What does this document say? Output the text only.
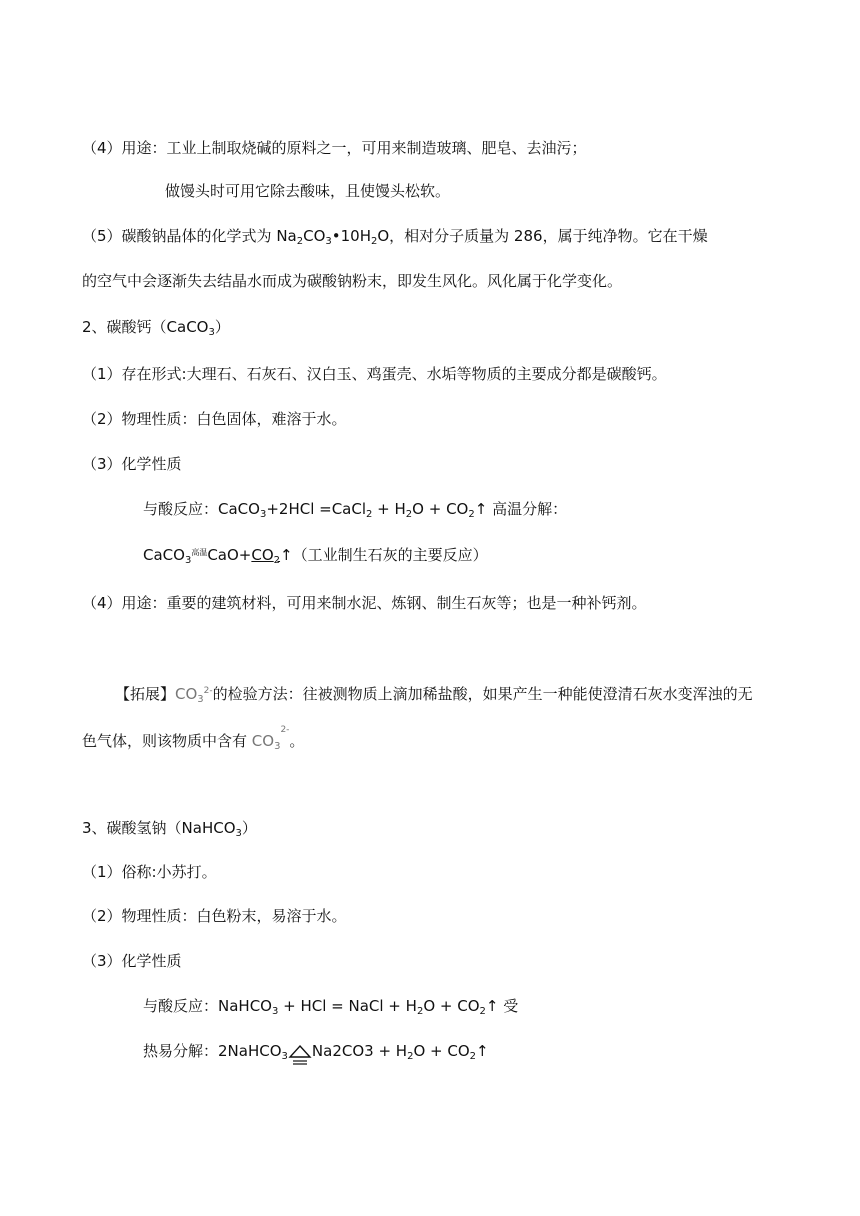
（4）用途：工业上制取烧碱的原料之一，可用来制造玻璃、肥皂、去油污；
做馒头时可用它除去酸味，且使馒头松软。
（5）碳酸钠晶体的化学式为 $Na_2CO_3•10H_2O$，相对分子质量为 286，属于纯净物。它在干燥
的空气中会逐渐失去结晶水而成为碳酸钠粉末，即发生风化。风化属于化学变化。
2、碳酸钙（CaCO$_3$）
（1）存在形式:大理石、石灰石、汉白玉、鸡蛋壳、水垢等物质的主要成分都是碳酸钙。
（2）物理性质：白色固体，难溶于水。
（3）化学性质
与酸反应：CaCO$_3$+2HCl =CaCl$_2$ + $H_2O$ + $CO_2↑$ 高温分解：
$CaCO_3^{高温}CaO+CO_2↑$（工业制生石灰的主要反应）
（4）用途：重要的建筑材料，可用来制水泥、炼钢、制生石灰等；也是一种补钙剂。
【拓展】$CO_3^{2-}$的检验方法：往被测物质上滴加稀盐酸，如果产生一种能使澄清石灰水变浑浊的无
色气体，则该物质中含有 $CO_3^{2-}$。
3、碳酸氢钠（NaHCO$_3$）
（1）俗称:小苏打。
（2）物理性质：白色粉末，易溶于水。
（3）化学性质
与酸反应：NaHCO$_3$ + HCl = NaCl + $H_2O$ + $CO_2↑$ 受
热易分解：2NaHCO$_3$ $Na2CO3 + H_2O$ + $CO_2↑$
